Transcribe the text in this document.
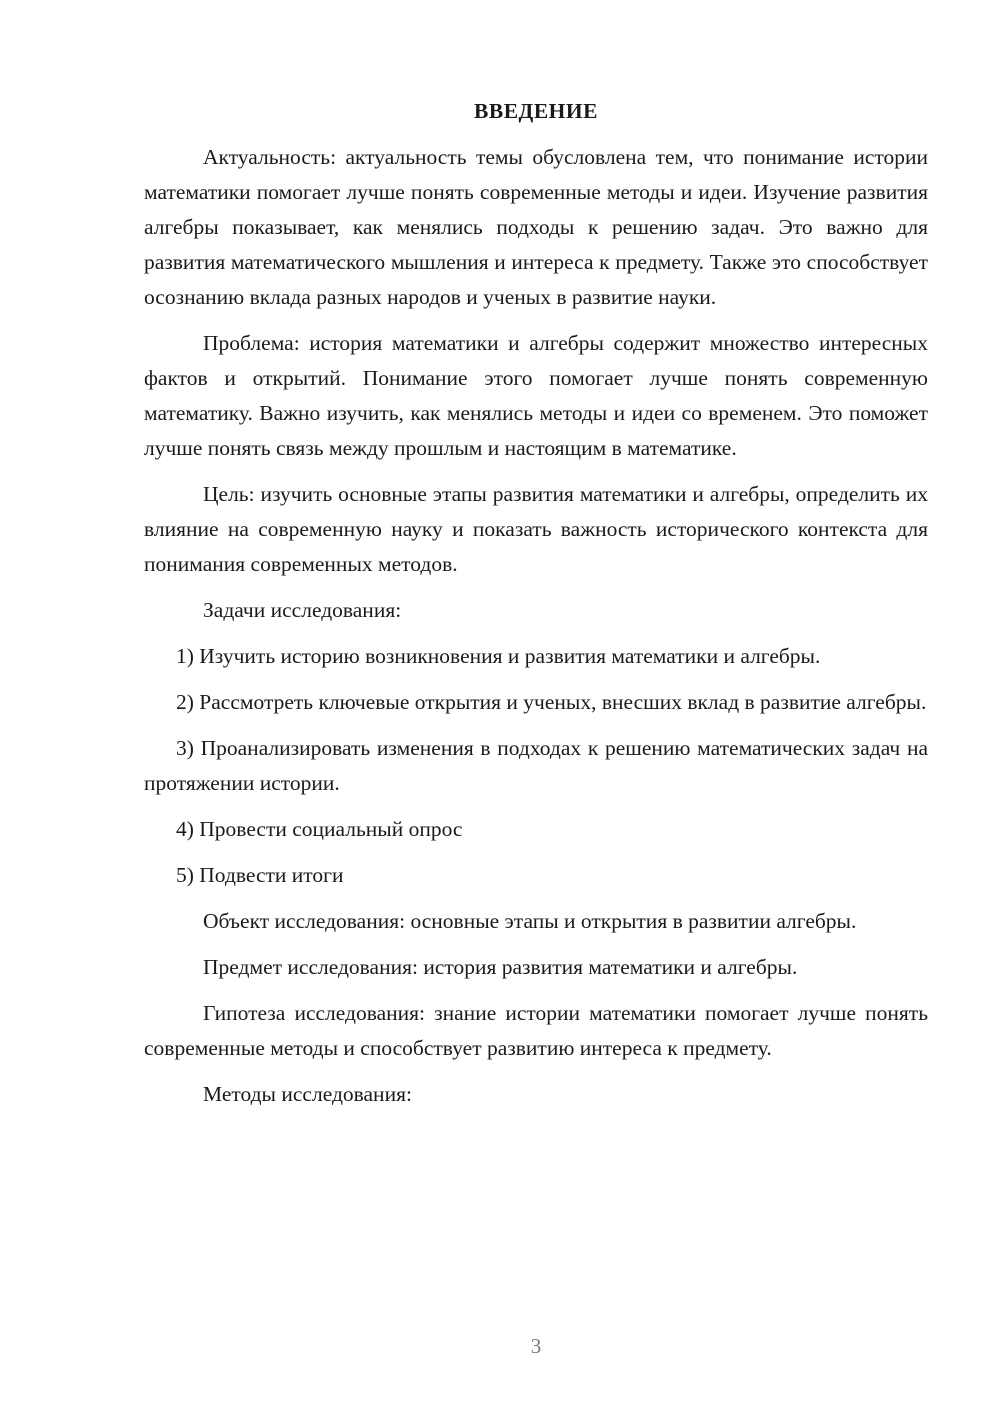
ВВЕДЕНИЕ

Актуальность: актуальность темы обусловлена тем, что понимание истории математики помогает лучше понять современные методы и идеи. Изучение развития алгебры показывает, как менялись подходы к решению задач. Это важно для развития математического мышления и интереса к предмету. Также это способствует осознанию вклада разных народов и ученых в развитие науки.

Проблема: история математики и алгебры содержит множество интересных фактов и открытий. Понимание этого помогает лучше понять современную математику. Важно изучить, как менялись методы и идеи со временем. Это поможет лучше понять связь между прошлым и настоящим в математике.

Цель: изучить основные этапы развития математики и алгебры, определить их влияние на современную науку и показать важность исторического контекста для понимания современных методов.

Задачи исследования:

1) Изучить историю возникновения и развития математики и алгебры.

2) Рассмотреть ключевые открытия и ученых, внесших вклад в развитие алгебры.

3) Проанализировать изменения в подходах к решению математических задач на протяжении истории.

4) Провести социальный опрос

5) Подвести итоги

Объект исследования: основные этапы и открытия в развитии алгебры.

Предмет исследования: история развития математики и алгебры.

Гипотеза исследования: знание истории математики помогает лучше понять современные методы и способствует развитию интереса к предмету.

Методы исследования:

3
